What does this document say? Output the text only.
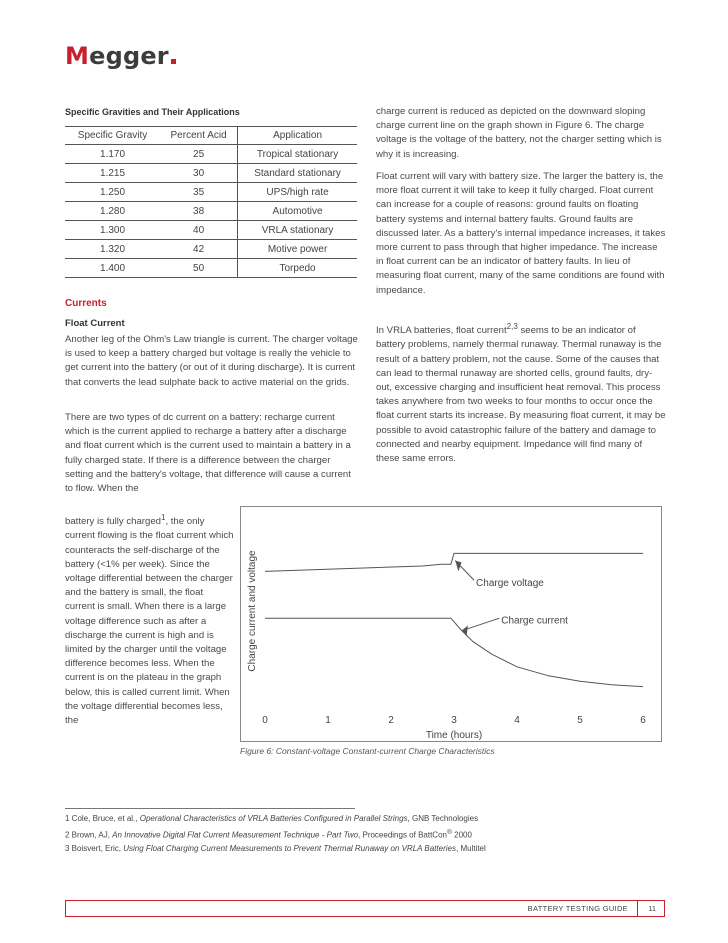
Megger
Specific Gravities and Their Applications
Specific Gravity	Percent Acid	Application
1.170	25	Tropical stationary
1.215	30	Standard stationary
1.250	35	UPS/high rate
1.280	38	Automotive
1.300	40	VRLA stationary
1.320	42	Motive power
1.400	50	Torpedo
Currents
Float Current
Another leg of the Ohm's Law triangle is current. The charger voltage is used to keep a battery charged but voltage is really the vehicle to get current into the battery (or out of it during discharge). It is current that converts the lead sulphate back to active material on the grids.
There are two types of dc current on a battery: recharge current which is the current applied to recharge a battery after a discharge and float current which is the current used to maintain a battery in a fully charged state. If there is a difference between the charger setting and the battery's voltage, that difference will cause a current to flow. When the
battery is fully charged$^1$, the only current flowing is the float current which counteracts the self-discharge of the battery (<1% per week). Since the voltage differential between the charger and the battery is small, the float current is small. When there is a large voltage difference such as after a discharge the current is high and is limited by the charger until the voltage difference becomes less. When the current is on the plateau in the graph below, this is called current limit. When the voltage differential becomes less, the
charge current is reduced as depicted on the downward sloping charge current line on the graph shown in Figure 6. The charge voltage is the voltage of the battery, not the charger setting which is why it is increasing.
Float current will vary with battery size. The larger the battery is, the more float current it will take to keep it fully charged. Float current can increase for a couple of reasons: ground faults on floating battery systems and internal battery faults. Ground faults are discussed later. As a battery's internal impedance increases, it takes more current to pass through that higher impedance. The increase in float current can be an indicator of battery faults. In lieu of measuring float current, many of the same conditions are found with impedance.
In VRLA batteries, float current$^{2,3}$ seems to be an indicator of battery problems, namely thermal runaway. Thermal runaway is the result of a battery problem, not the cause. Some of the causes that can lead to thermal runaway are shorted cells, ground faults, dry-out, excessive charging and insufficient heat removal. This process takes anywhere from two weeks to four months to occur once the float current starts its increase. By measuring float current, it may be possible to avoid catastrophic failure of the battery and damage to connected and nearby equipment. Impedance will find many of these same errors.
0	1	2	3	4	5	6
Time (hours)
Charge current and voltage	Charge voltage
Charge current
Figure 6: Constant-voltage Constant-current Charge Characteristics
1 Cole, Bruce, et al., Operational Characteristics of VRLA Batteries Configured in Parallel Strings, GNB Technologies
2 Brown, AJ, An Innovative Digital Flat Current Measurement Technique - Part Two, Proceedings of BattCon® 2000
3 Boisvert, Eric, Using Float Charging Current Measurements to Prevent Thermal Runaway on VRLA Batteries, Multitel
BATTERY TESTING GUIDE	11
